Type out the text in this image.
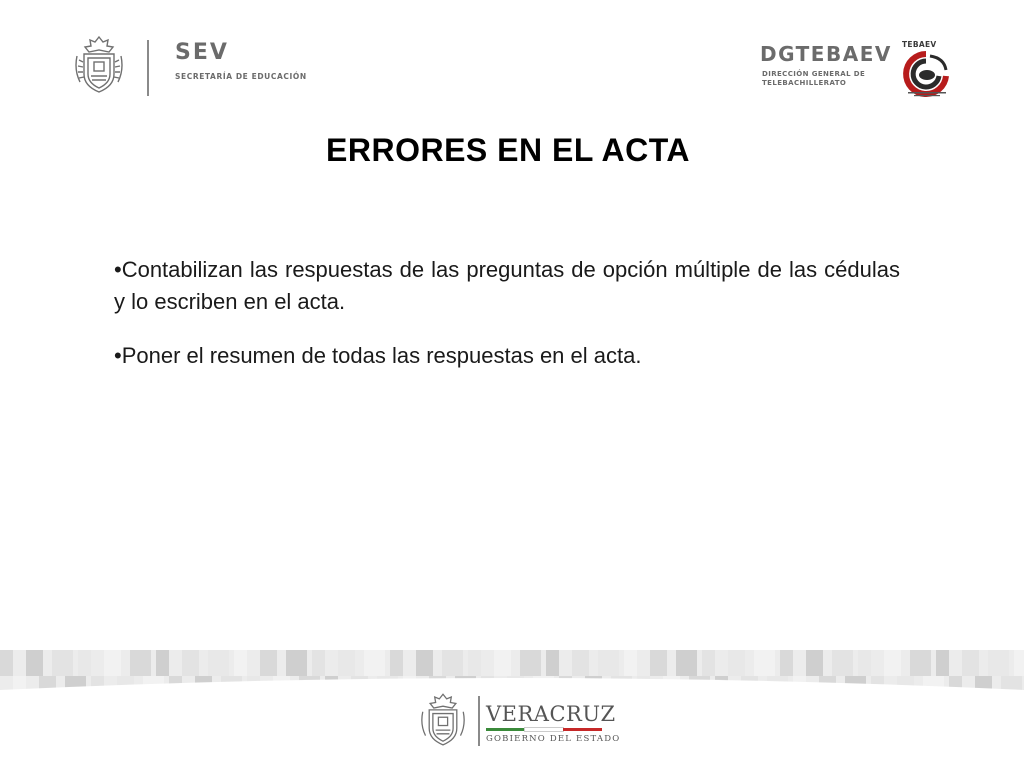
SEV
SECRETARÍA DE EDUCACIÓN
DGTEBAEV
DIRECCIÓN GENERAL DE
TELEBACHILLERATO
TEBAEV
ERRORES EN EL ACTA

•Contabilizan las respuestas de las preguntas de opción múltiple de las cédulas y lo escriben en el acta.

•Poner el resumen de todas las respuestas en el acta.

VERACRUZ
GOBIERNO DEL ESTADO
